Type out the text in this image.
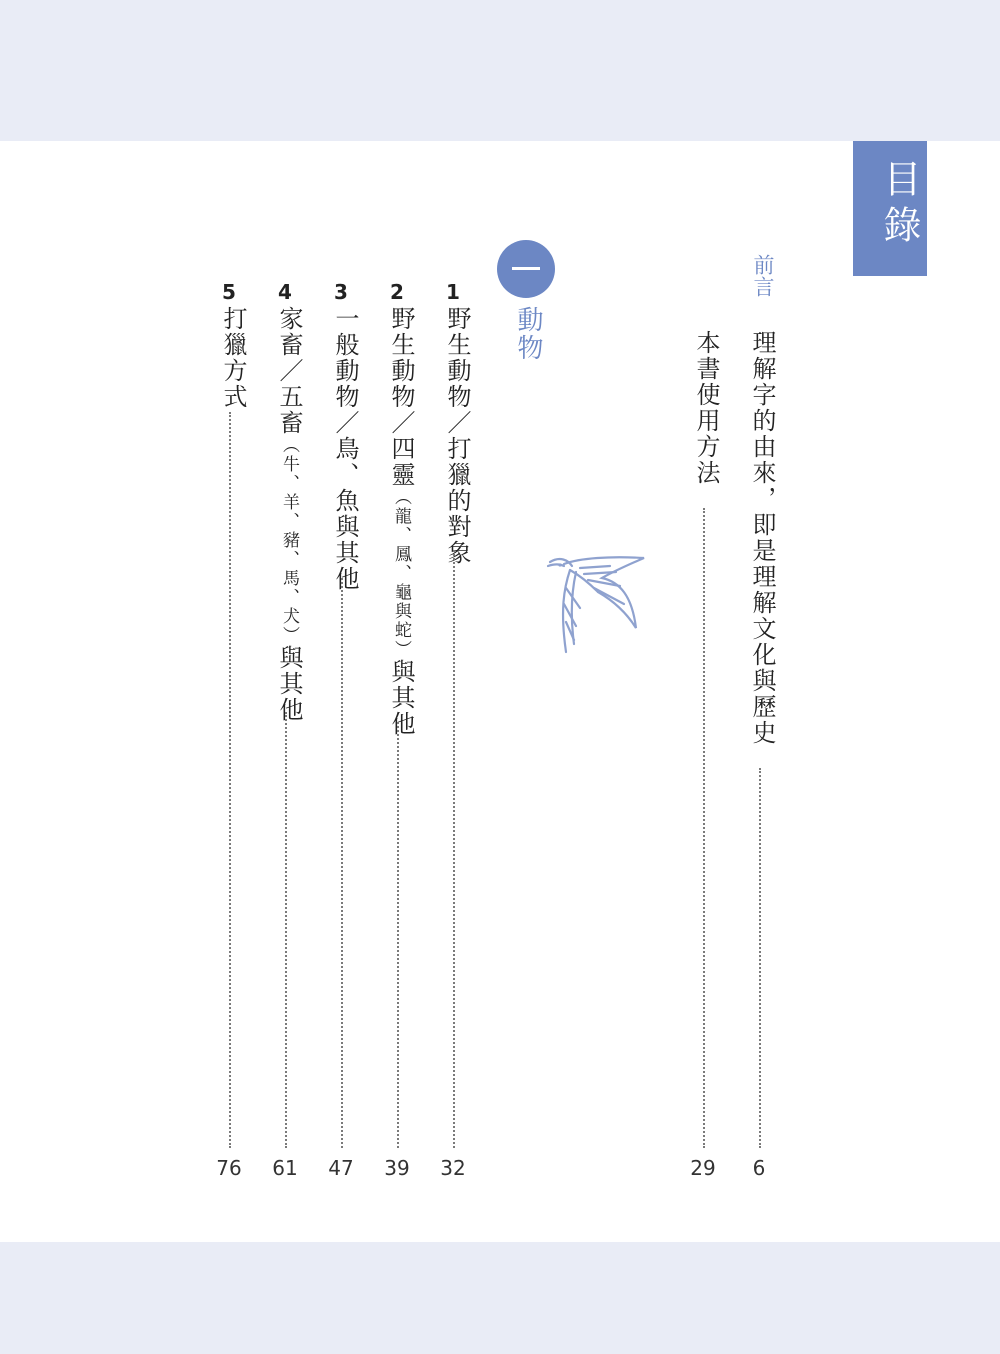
目錄
前言
理解字的由來，即是理解文化與歷史
6
本書使用方法
29
動物
1
野生動物／打獵的對象
32
2
野生動物／四靈（龍、鳳、龜與蛇）與其他
39
3
一般動物／鳥、魚與其他
47
4
家畜／五畜（牛、羊、豬、馬、犬）與其他
61
5
打獵方式
76
